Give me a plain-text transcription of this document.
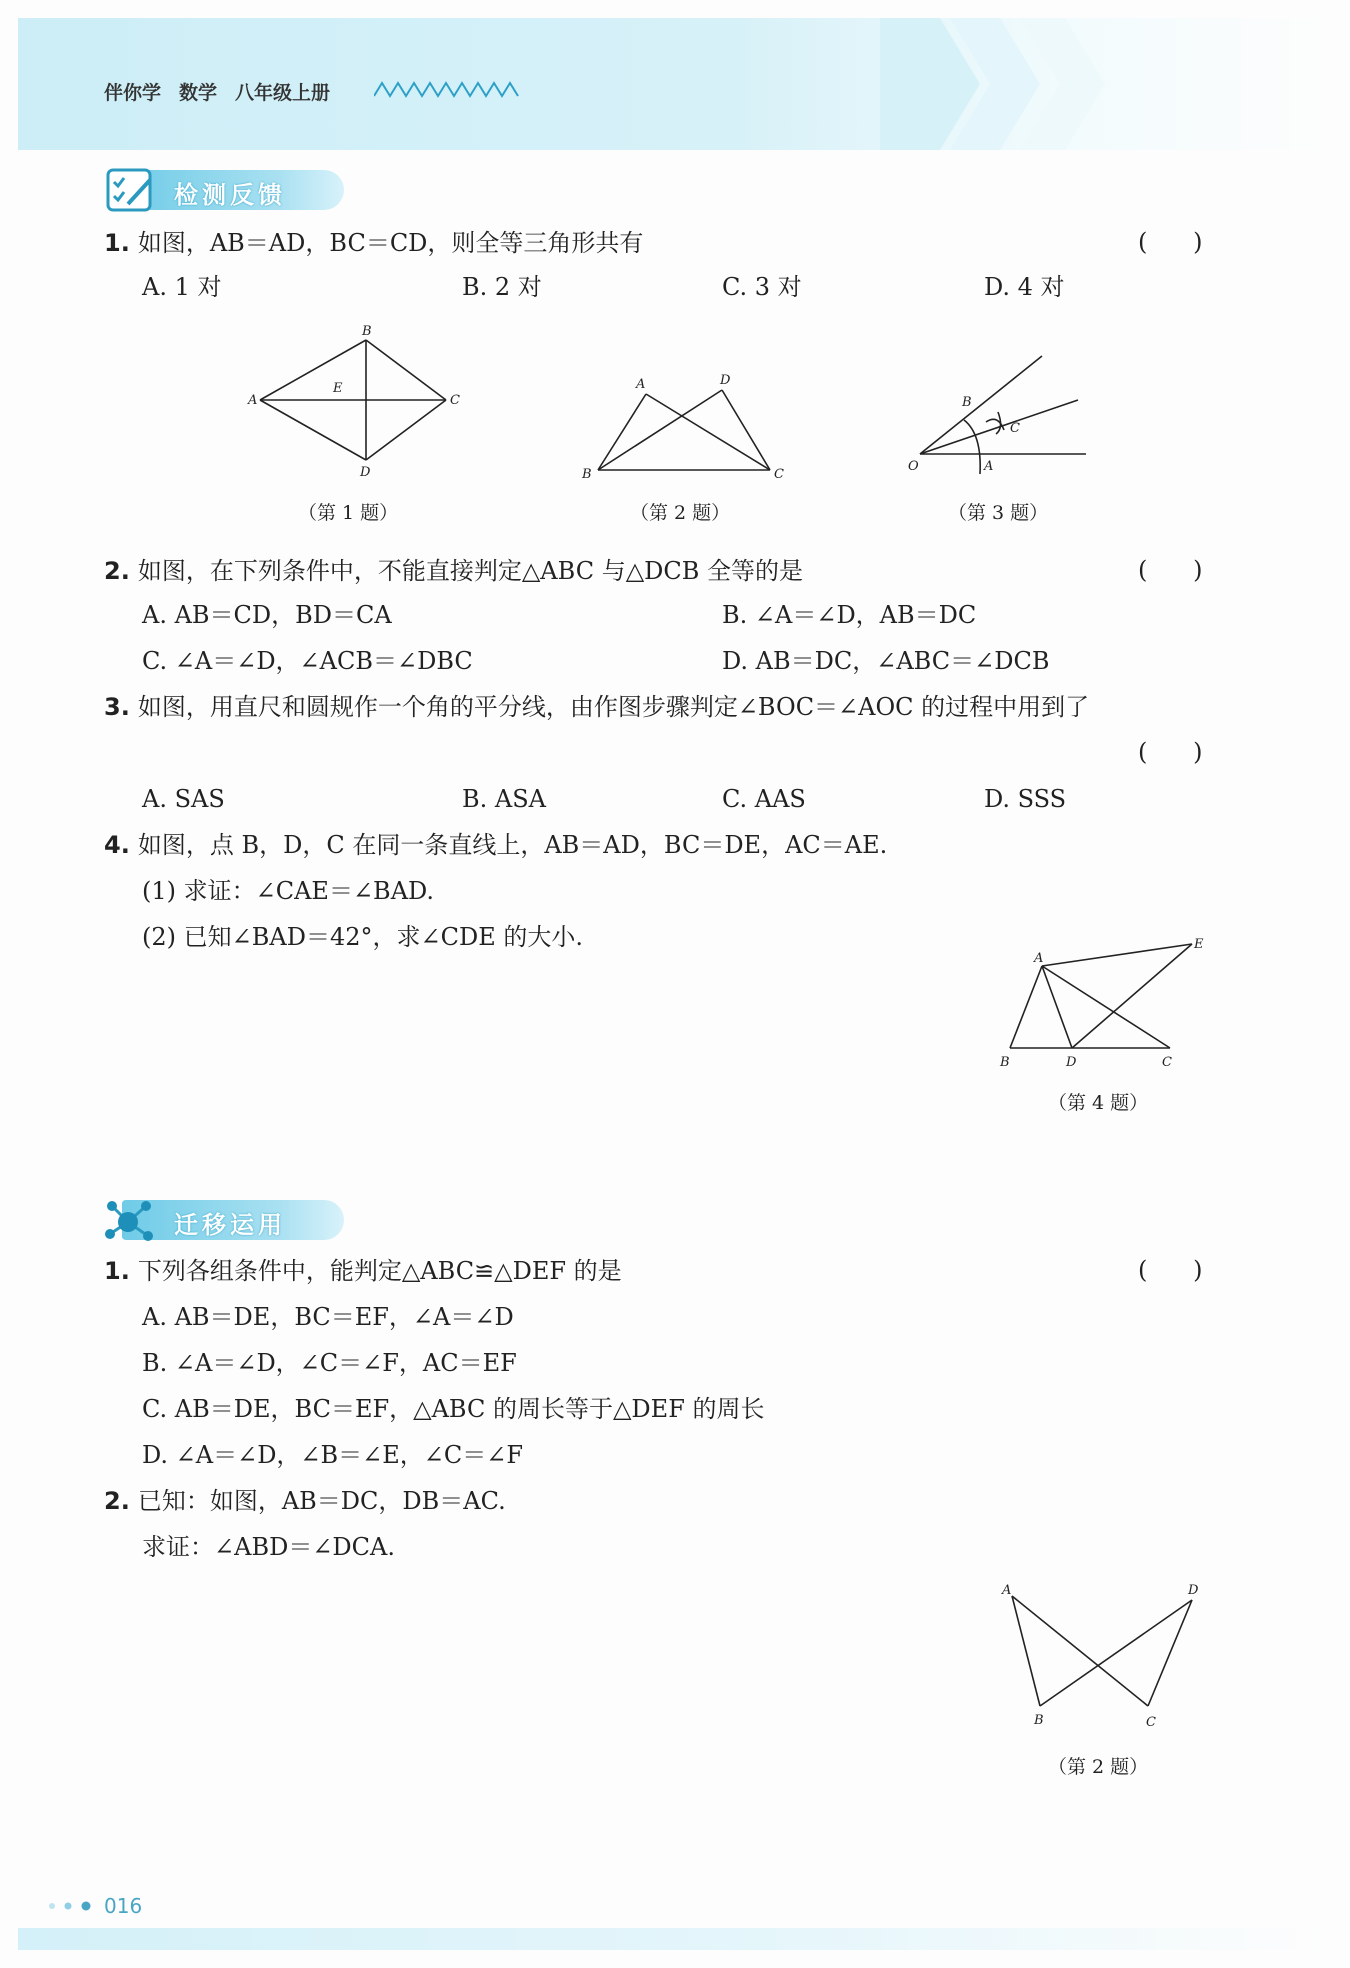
伴你学 数学 八年级上册
检测反馈
1. 如图，AB＝AD，BC＝CD，则全等三角形共有	(      )
A. 1 对	B. 2 对	C. 3 对	D. 4 对
B
A
E
C
D
（第 1 题）
A	D
B	C
（第 2 题）
B
C
O	A
（第 3 题）
2. 如图，在下列条件中，不能直接判定△ABC 与△DCB 全等的是	(      )
A. AB＝CD，BD＝CA	B. ∠A＝∠D，AB＝DC
C. ∠A＝∠D，∠ACB＝∠DBC	D. AB＝DC，∠ABC＝∠DCB
3. 如图，用直尺和圆规作一个角的平分线，由作图步骤判定∠BOC＝∠AOC 的过程中用到了
(      )
A. SAS	B. ASA	C. AAS	D. SSS
4. 如图，点 B，D，C 在同一条直线上，AB＝AD，BC＝DE，AC＝AE.
(1) 求证：∠CAE＝∠BAD.
(2) 已知∠BAD＝42°，求∠CDE 的大小.
A
E
B	D	C
（第 4 题）
迁移运用
1. 下列各组条件中，能判定△ABC≌△DEF 的是	(      )
A. AB＝DE，BC＝EF，∠A＝∠D
B. ∠A＝∠D，∠C＝∠F，AC＝EF
C. AB＝DE，BC＝EF，△ABC 的周长等于△DEF 的周长
D. ∠A＝∠D，∠B＝∠E，∠C＝∠F
2. 已知：如图，AB＝DC，DB＝AC.
求证：∠ABD＝∠DCA.
A	D
B	C
（第 2 题）
016
